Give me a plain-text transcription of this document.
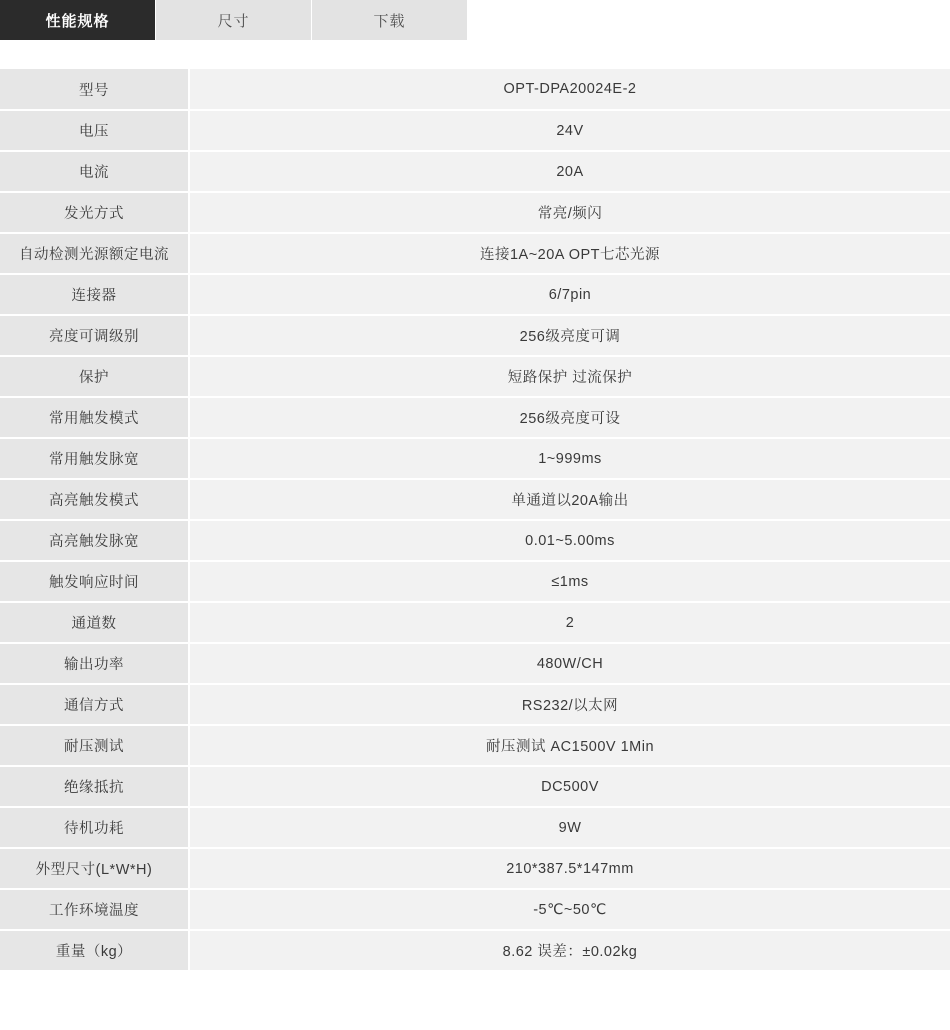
性能规格	尺寸	下载
型号	OPT-DPA20024E-2
电压	24V
电流	20A
发光方式	常亮/频闪
自动检测光源额定电流	连接1A~20A OPT七芯光源
连接器	6/7pin
亮度可调级别	256级亮度可调
保护	短路保护 过流保护
常用触发模式	256级亮度可设
常用触发脉宽	1~999ms
高亮触发模式	单通道以20A输出
高亮触发脉宽	0.01~5.00ms
触发响应时间	≤1ms
通道数	2
输出功率	480W/CH
通信方式	RS232/以太网
耐压测试	耐压测试 AC1500V 1Min
绝缘抵抗	DC500V
待机功耗	9W
外型尺寸(L*W*H)	210*387.5*147mm
工作环境温度	-5℃~50℃
重量（kg）	8.62 误差：±0.02kg
